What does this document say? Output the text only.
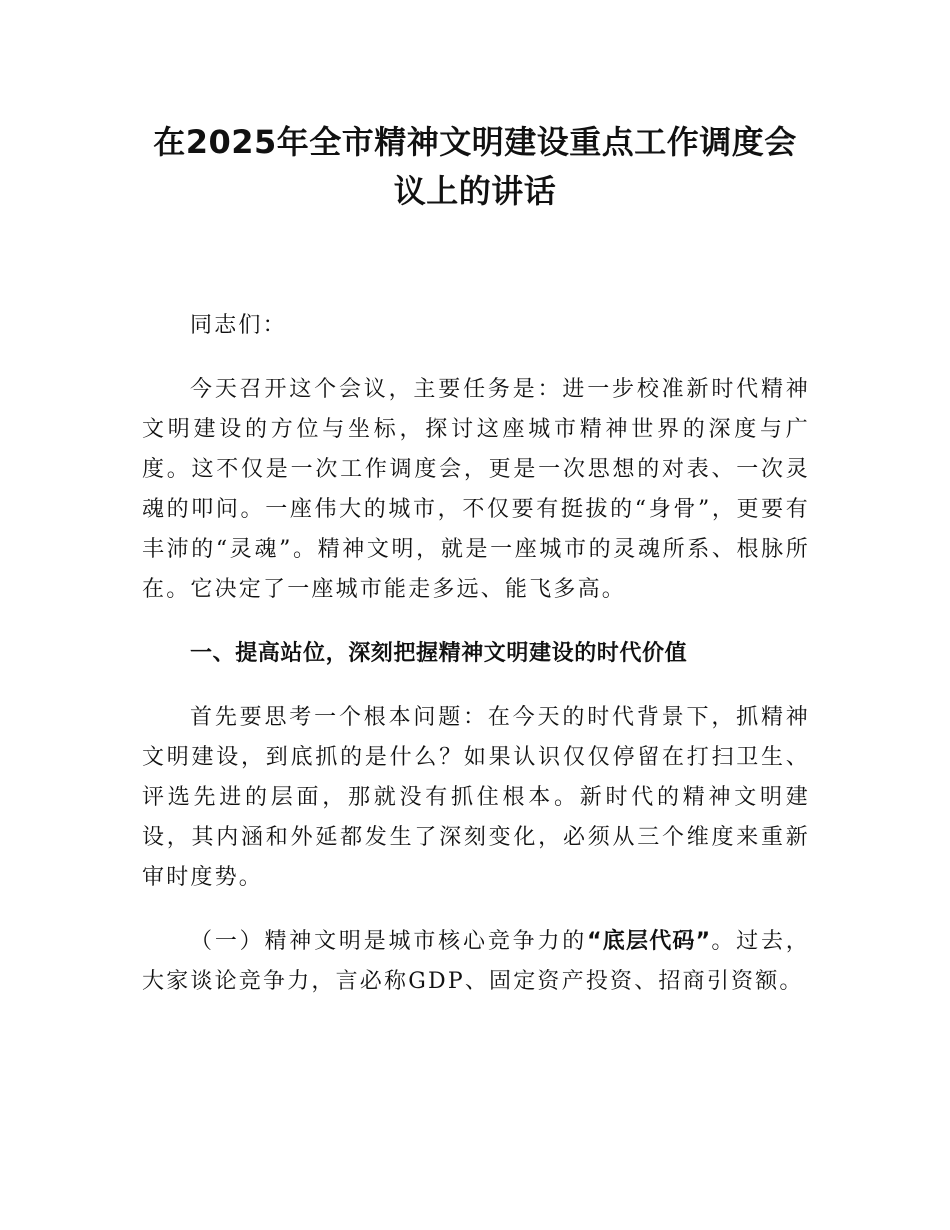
在2025年全市精神文明建设重点工作调度会
议上的讲话

同志们：

今天召开这个会议，主要任务是：进一步校准新时代精神文明建设的方位与坐标，探讨这座城市精神世界的深度与广度。这不仅是一次工作调度会，更是一次思想的对表、一次灵魂的叩问。一座伟大的城市，不仅要有挺拔的“身骨”，更要有丰沛的“灵魂”。精神文明，就是一座城市的灵魂所系、根脉所在。它决定了一座城市能走多远、能飞多高。

一、提高站位，深刻把握精神文明建设的时代价值

首先要思考一个根本问题：在今天的时代背景下，抓精神文明建设，到底抓的是什么？如果认识仅仅停留在打扫卫生、评选先进的层面，那就没有抓住根本。新时代的精神文明建设，其内涵和外延都发生了深刻变化，必须从三个维度来重新审时度势。

（一）精神文明是城市核心竞争力的“底层代码”。过去，大家谈论竞争力，言必称GDP、固定资产投资、招商引资额。
